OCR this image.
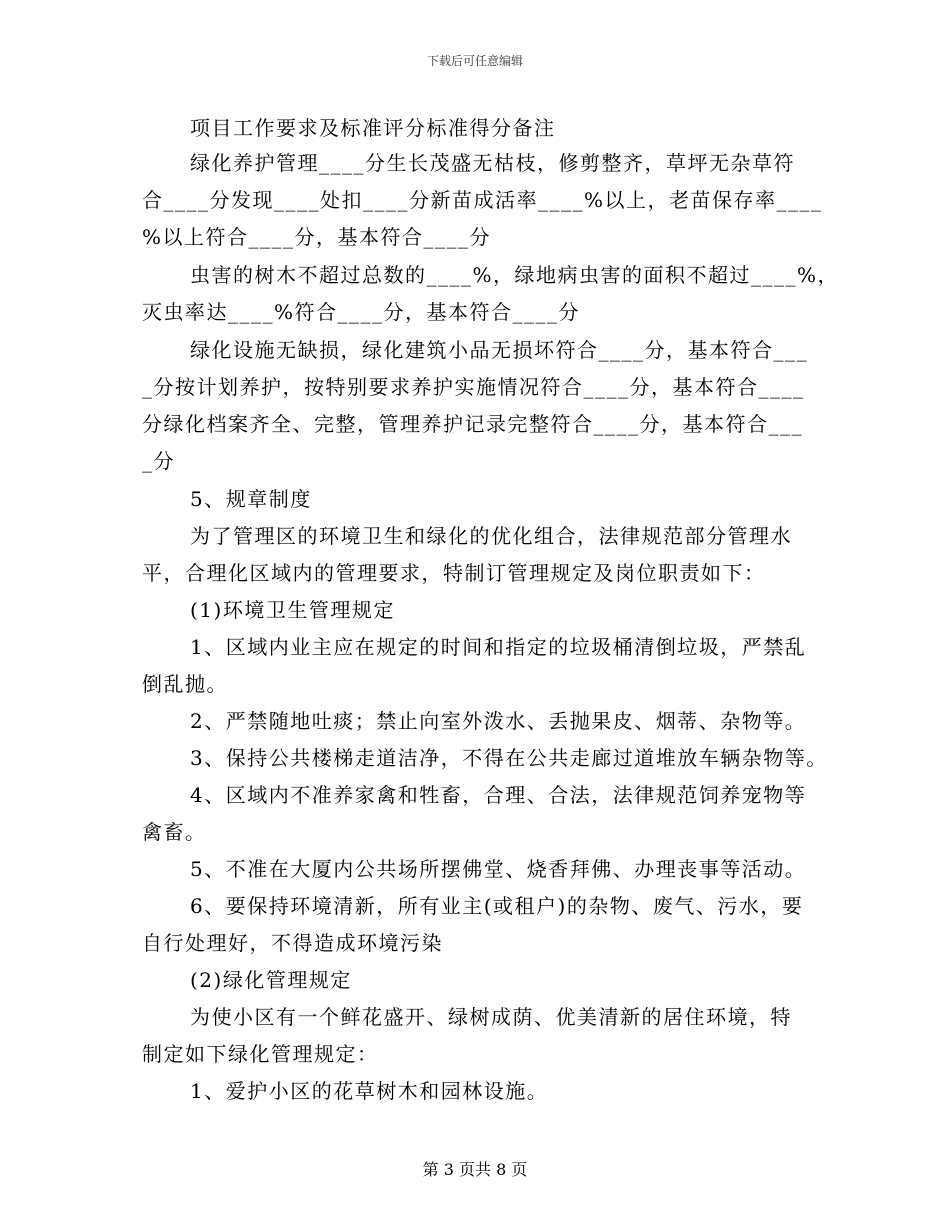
下载后可任意编辑
项目工作要求及标准评分标准得分备注
绿化养护管理____分生长茂盛无枯枝，修剪整齐，草坪无杂草符
合____分发现____处扣____分新苗成活率____%以上，老苗保存率____
%以上符合____分，基本符合____分
虫害的树木不超过总数的____%，绿地病虫害的面积不超过____%，
灭虫率达____%符合____分，基本符合____分
绿化设施无缺损，绿化建筑小品无损坏符合____分，基本符合___
_分按计划养护，按特别要求养护实施情况符合____分，基本符合____
分绿化档案齐全、完整，管理养护记录完整符合____分，基本符合___
_分
5、规章制度
为了管理区的环境卫生和绿化的优化组合，法律规范部分管理水
平，合理化区域内的管理要求，特制订管理规定及岗位职责如下：
(1)环境卫生管理规定
1、区域内业主应在规定的时间和指定的垃圾桶清倒垃圾，严禁乱
倒乱抛。
2、严禁随地吐痰；禁止向室外泼水、丢抛果皮、烟蒂、杂物等。
3、保持公共楼梯走道洁净，不得在公共走廊过道堆放车辆杂物等。
4、区域内不准养家禽和牲畜，合理、合法，法律规范饲养宠物等
禽畜。
5、不准在大厦内公共场所摆佛堂、烧香拜佛、办理丧事等活动。
6、要保持环境清新，所有业主(或租户)的杂物、废气、污水，要
自行处理好，不得造成环境污染
(2)绿化管理规定
为使小区有一个鲜花盛开、绿树成荫、优美清新的居住环境，特
制定如下绿化管理规定：
1、爱护小区的花草树木和园林设施。
第 3 页共 8 页
